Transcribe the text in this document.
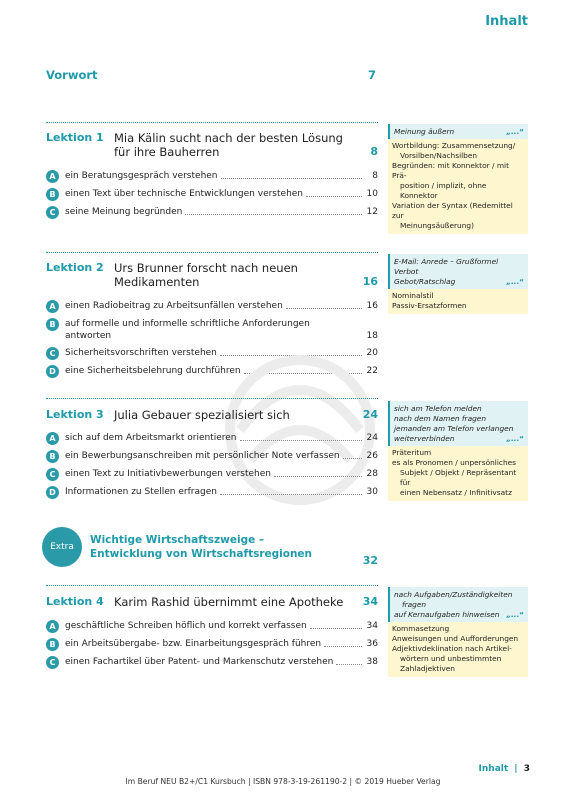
Inhalt
Vorwort	7
Lektion 1 Mia Kälin sucht nach der besten Lösung für ihre Bauherren	8
A	ein Beratungsgespräch verstehen	8
B	einen Text über technische Entwicklungen verstehen	10
C	seine Meinung begründen	12
„...“
Meinung äußern
Wortbildung: Zusammensetzung/
Vorsilben/Nachsilben
Begründen: mit Konnektor / mit Prä-
position / implizit, ohne Konnektor
Variation der Syntax (Redemittel zur
Meinungsäußerung)
Lektion 2 Urs Brunner forscht nach neuen Medikamenten	16
A	einen Radiobeitrag zu Arbeitsunfällen verstehen	16
B	auf formelle und informelle schriftliche Anforderungen antworten	18
C	Sicherheitsvorschriften verstehen	20
D	eine Sicherheitsbelehrung durchführen	22
E-Mail: Anrede – Grußformel
Verbot
„...“
Gebot/Ratschlag
Nominalstil
Passiv-Ersatzformen
Lektion 3 Julia Gebauer spezialisiert sich	24
A	sich auf dem Arbeitsmarkt orientieren	24
B	ein Bewerbungsanschreiben mit persönlicher Note verfassen	26
C	einen Text zu Initiativbewerbungen verstehen	28
D	Informationen zu Stellen erfragen	30
sich am Telefon melden
nach dem Namen fragen
jemanden am Telefon verlangen
„...“
weiterverbinden
Präteritum
es als Pronomen / unpersönliches
Subjekt / Objekt / Repräsentant für
einen Nebensatz / Infinitivsatz
Extra
Wichtige Wirtschaftszweige –
Entwicklung von Wirtschaftsregionen	32
Lektion 4 Karim Rashid übernimmt eine Apotheke	34
A	geschäftliche Schreiben höflich und korrekt verfassen	34
B	ein Arbeitsübergabe- bzw. Einarbeitungsgespräch führen	36
C	einen Fachartikel über Patent- und Markenschutz verstehen	38
nach Aufgaben/Zuständigkeiten
fragen
„...“
auf Kernaufgaben hinweisen
Kommasetzung
Anweisungen und Aufforderungen
Adjektivdeklination nach Artikel-
wörtern und unbestimmten
Zahladjektiven
Inhalt | 3
Im Beruf NEU B2+/C1 Kursbuch | ISBN 978-3-19-261190-2 | © 2019 Hueber Verlag
